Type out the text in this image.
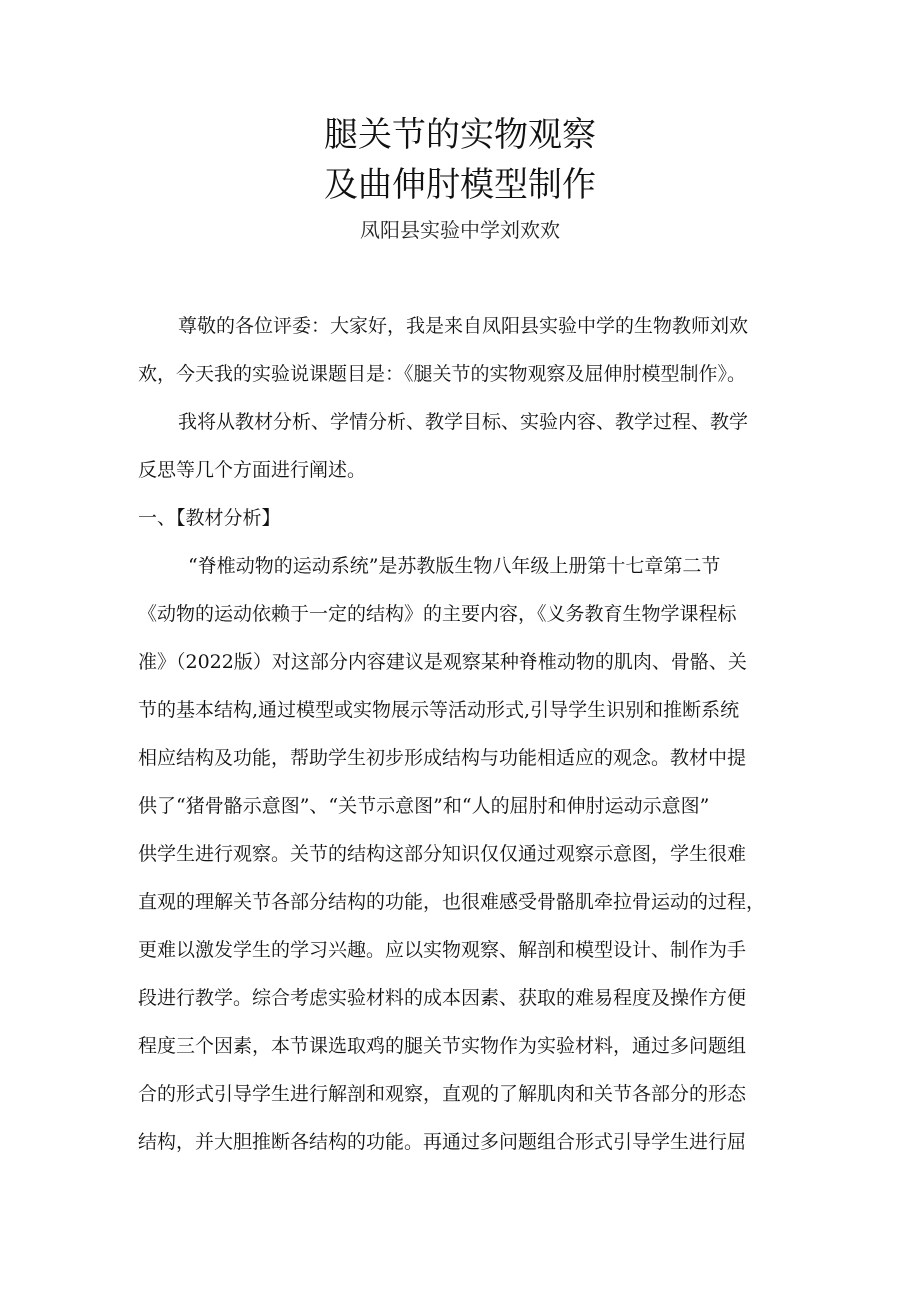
腿关节的实物观察
及曲伸肘模型制作
凤阳县实验中学刘欢欢
尊敬的各位评委：大家好，我是来自凤阳县实验中学的生物教师刘欢
欢，今天我的实验说课题目是：《腿关节的实物观察及屈伸肘模型制作》。
我将从教材分析、学情分析、教学目标、实验内容、教学过程、教学
反思等几个方面进行阐述。
一、【教材分析】
“脊椎动物的运动系统”是苏教版生物八年级上册第十七章第二节
《动物的运动依赖于一定的结构》的主要内容，《义务教育生物学课程标
准》（2022版）对这部分内容建议是观察某种脊椎动物的肌肉、骨骼、关
节的基本结构,通过模型或实物展示等活动形式,引导学生识别和推断系统
相应结构及功能，帮助学生初步形成结构与功能相适应的观念。教材中提
供了“猪骨骼示意图”、“关节示意图”和“人的屈肘和伸肘运动示意图”
供学生进行观察。关节的结构这部分知识仅仅通过观察示意图，学生很难
直观的理解关节各部分结构的功能，也很难感受骨骼肌牵拉骨运动的过程，
更难以激发学生的学习兴趣。应以实物观察、解剖和模型设计、制作为手
段进行教学。综合考虑实验材料的成本因素、获取的难易程度及操作方便
程度三个因素，本节课选取鸡的腿关节实物作为实验材料，通过多问题组
合的形式引导学生进行解剖和观察，直观的了解肌肉和关节各部分的形态
结构，并大胆推断各结构的功能。再通过多问题组合形式引导学生进行屈
